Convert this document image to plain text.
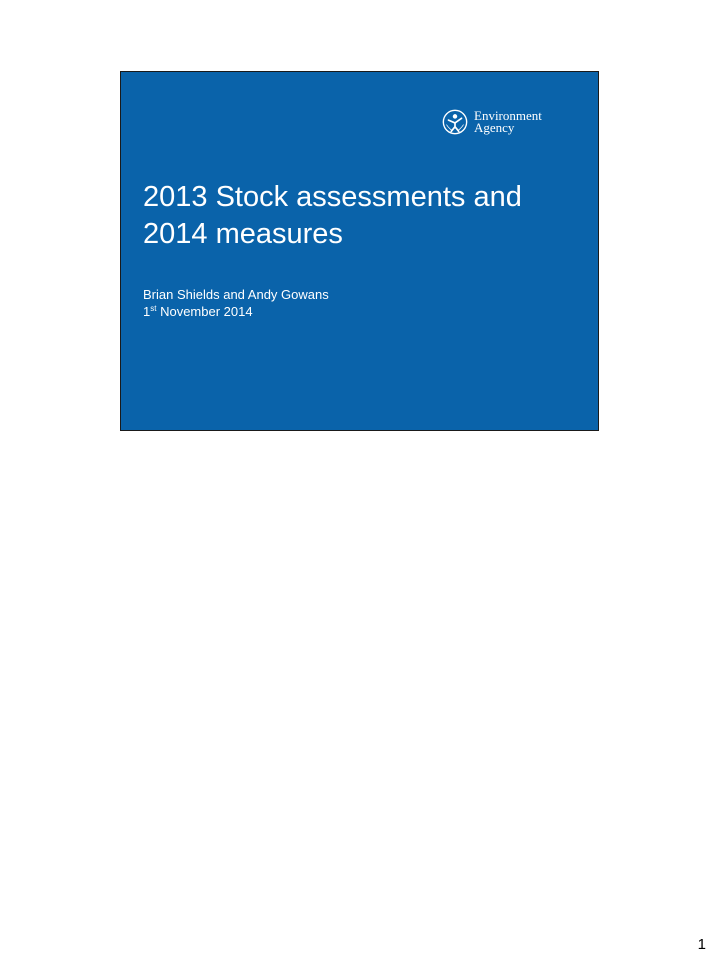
Environment
Agency
2013 Stock assessments and
2014 measures
Brian Shields and Andy Gowans
1st November 2014
1
